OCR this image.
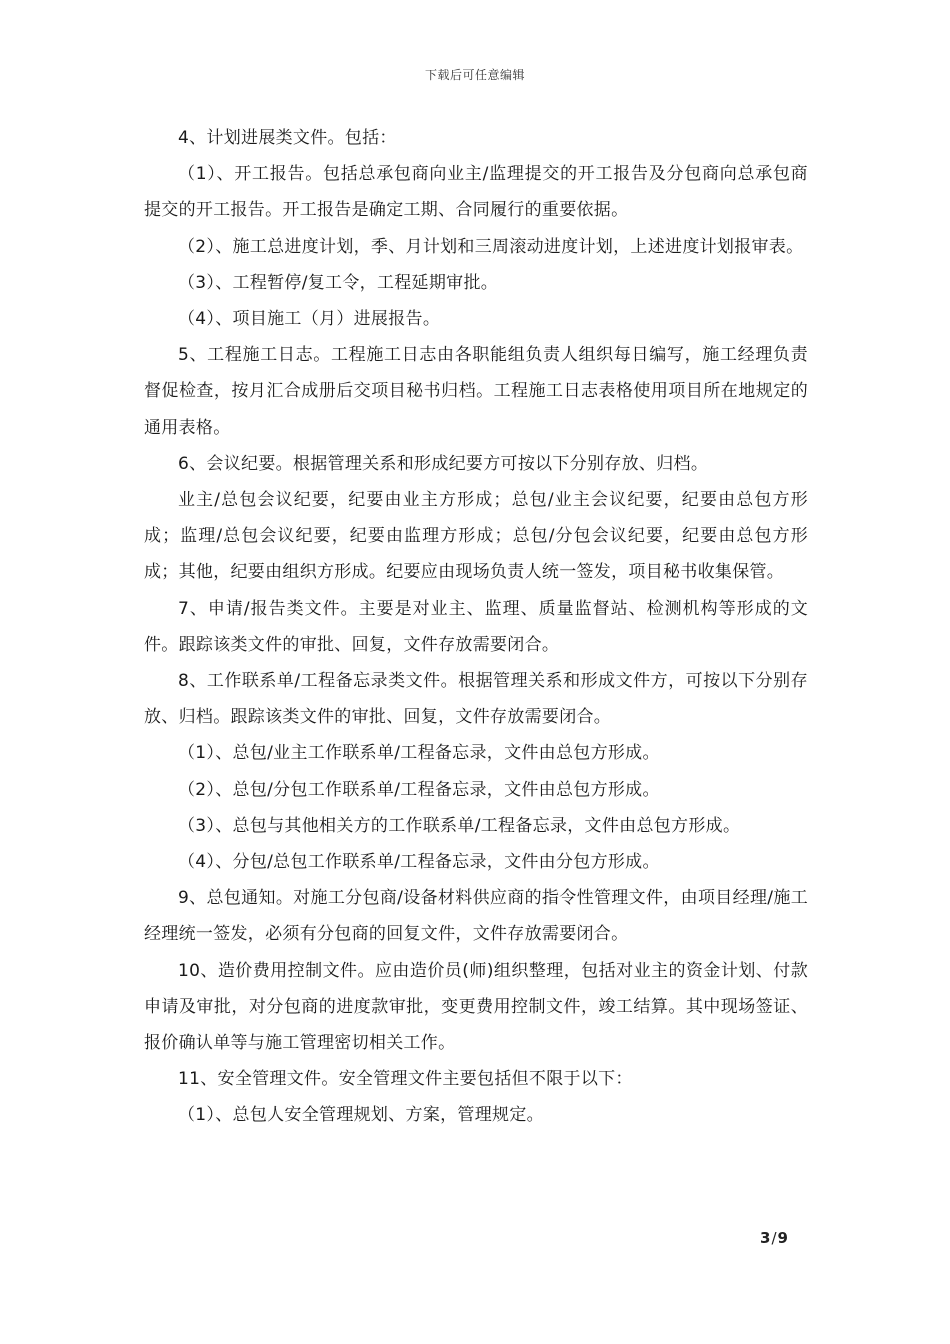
下载后可任意编辑

4、计划进展类文件。包括：

（1）、开工报告。包括总承包商向业主/监理提交的开工报告及分包商向总承包商提交的开工报告。开工报告是确定工期、合同履行的重要依据。

（2）、施工总进度计划，季、月计划和三周滚动进度计划，上述进度计划报审表。

（3）、工程暂停/复工令，工程延期审批。

（4）、项目施工（月）进展报告。

5、工程施工日志。工程施工日志由各职能组负责人组织每日编写，施工经理负责督促检查，按月汇合成册后交项目秘书归档。工程施工日志表格使用项目所在地规定的通用表格。

6、会议纪要。根据管理关系和形成纪要方可按以下分别存放、归档。

业主/总包会议纪要，纪要由业主方形成；总包/业主会议纪要，纪要由总包方形成；监理/总包会议纪要，纪要由监理方形成；总包/分包会议纪要，纪要由总包方形成；其他，纪要由组织方形成。纪要应由现场负责人统一签发，项目秘书收集保管。

7、申请/报告类文件。主要是对业主、监理、质量监督站、检测机构等形成的文件。跟踪该类文件的审批、回复，文件存放需要闭合。

8、工作联系单/工程备忘录类文件。根据管理关系和形成文件方，可按以下分别存放、归档。跟踪该类文件的审批、回复，文件存放需要闭合。

（1）、总包/业主工作联系单/工程备忘录，文件由总包方形成。

（2）、总包/分包工作联系单/工程备忘录，文件由总包方形成。

（3）、总包与其他相关方的工作联系单/工程备忘录，文件由总包方形成。

（4）、分包/总包工作联系单/工程备忘录，文件由分包方形成。

9、总包通知。对施工分包商/设备材料供应商的指令性管理文件，由项目经理/施工经理统一签发，必须有分包商的回复文件，文件存放需要闭合。

10、造价费用控制文件。应由造价员(师)组织整理，包括对业主的资金计划、付款申请及审批，对分包商的进度款审批，变更费用控制文件，竣工结算。其中现场签证、报价确认单等与施工管理密切相关工作。

11、安全管理文件。安全管理文件主要包括但不限于以下：

（1）、总包人安全管理规划、方案，管理规定。

3/9
